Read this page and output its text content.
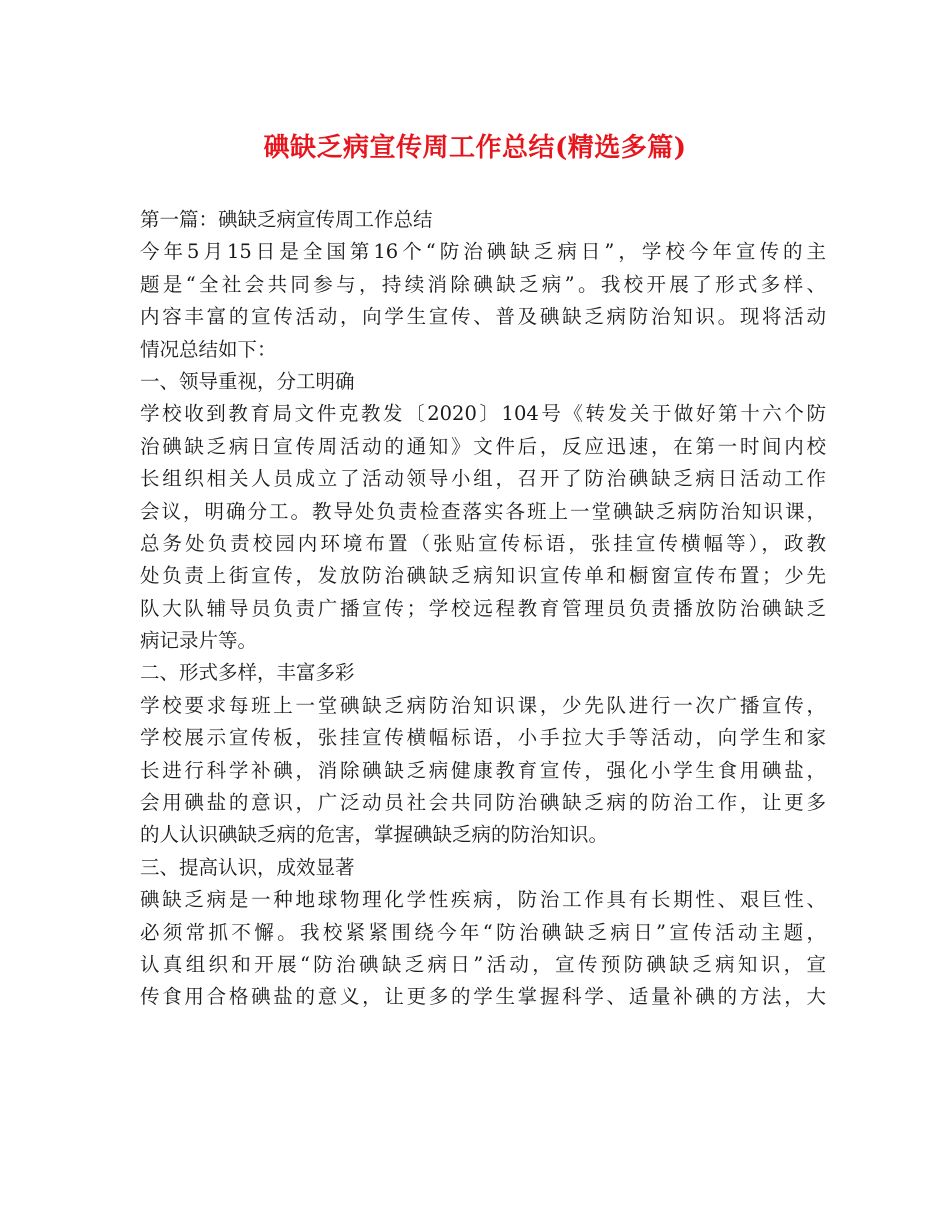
碘缺乏病宣传周工作总结(精选多篇)
第一篇：碘缺乏病宣传周工作总结
今年5月15日是全国第16个“防治碘缺乏病日”，学校今年宣传的主
题是“全社会共同参与，持续消除碘缺乏病”。我校开展了形式多样、
内容丰富的宣传活动，向学生宣传、普及碘缺乏病防治知识。现将活动
情况总结如下：
一、领导重视，分工明确
学校收到教育局文件克教发〔2020〕104号《转发关于做好第十六个防
治碘缺乏病日宣传周活动的通知》文件后，反应迅速，在第一时间内校
长组织相关人员成立了活动领导小组，召开了防治碘缺乏病日活动工作
会议，明确分工。教导处负责检查落实各班上一堂碘缺乏病防治知识课，
总务处负责校园内环境布置（张贴宣传标语，张挂宣传横幅等），政教
处负责上街宣传，发放防治碘缺乏病知识宣传单和橱窗宣传布置；少先
队大队辅导员负责广播宣传；学校远程教育管理员负责播放防治碘缺乏
病记录片等。
二、形式多样，丰富多彩
学校要求每班上一堂碘缺乏病防治知识课，少先队进行一次广播宣传，
学校展示宣传板，张挂宣传横幅标语，小手拉大手等活动，向学生和家
长进行科学补碘，消除碘缺乏病健康教育宣传，强化小学生食用碘盐，
会用碘盐的意识，广泛动员社会共同防治碘缺乏病的防治工作，让更多
的人认识碘缺乏病的危害，掌握碘缺乏病的防治知识。
三、提高认识，成效显著
碘缺乏病是一种地球物理化学性疾病，防治工作具有长期性、艰巨性、
必须常抓不懈。我校紧紧围绕今年“防治碘缺乏病日”宣传活动主题，
认真组织和开展“防治碘缺乏病日”活动，宣传预防碘缺乏病知识，宣
传食用合格碘盐的意义，让更多的学生掌握科学、适量补碘的方法，大
